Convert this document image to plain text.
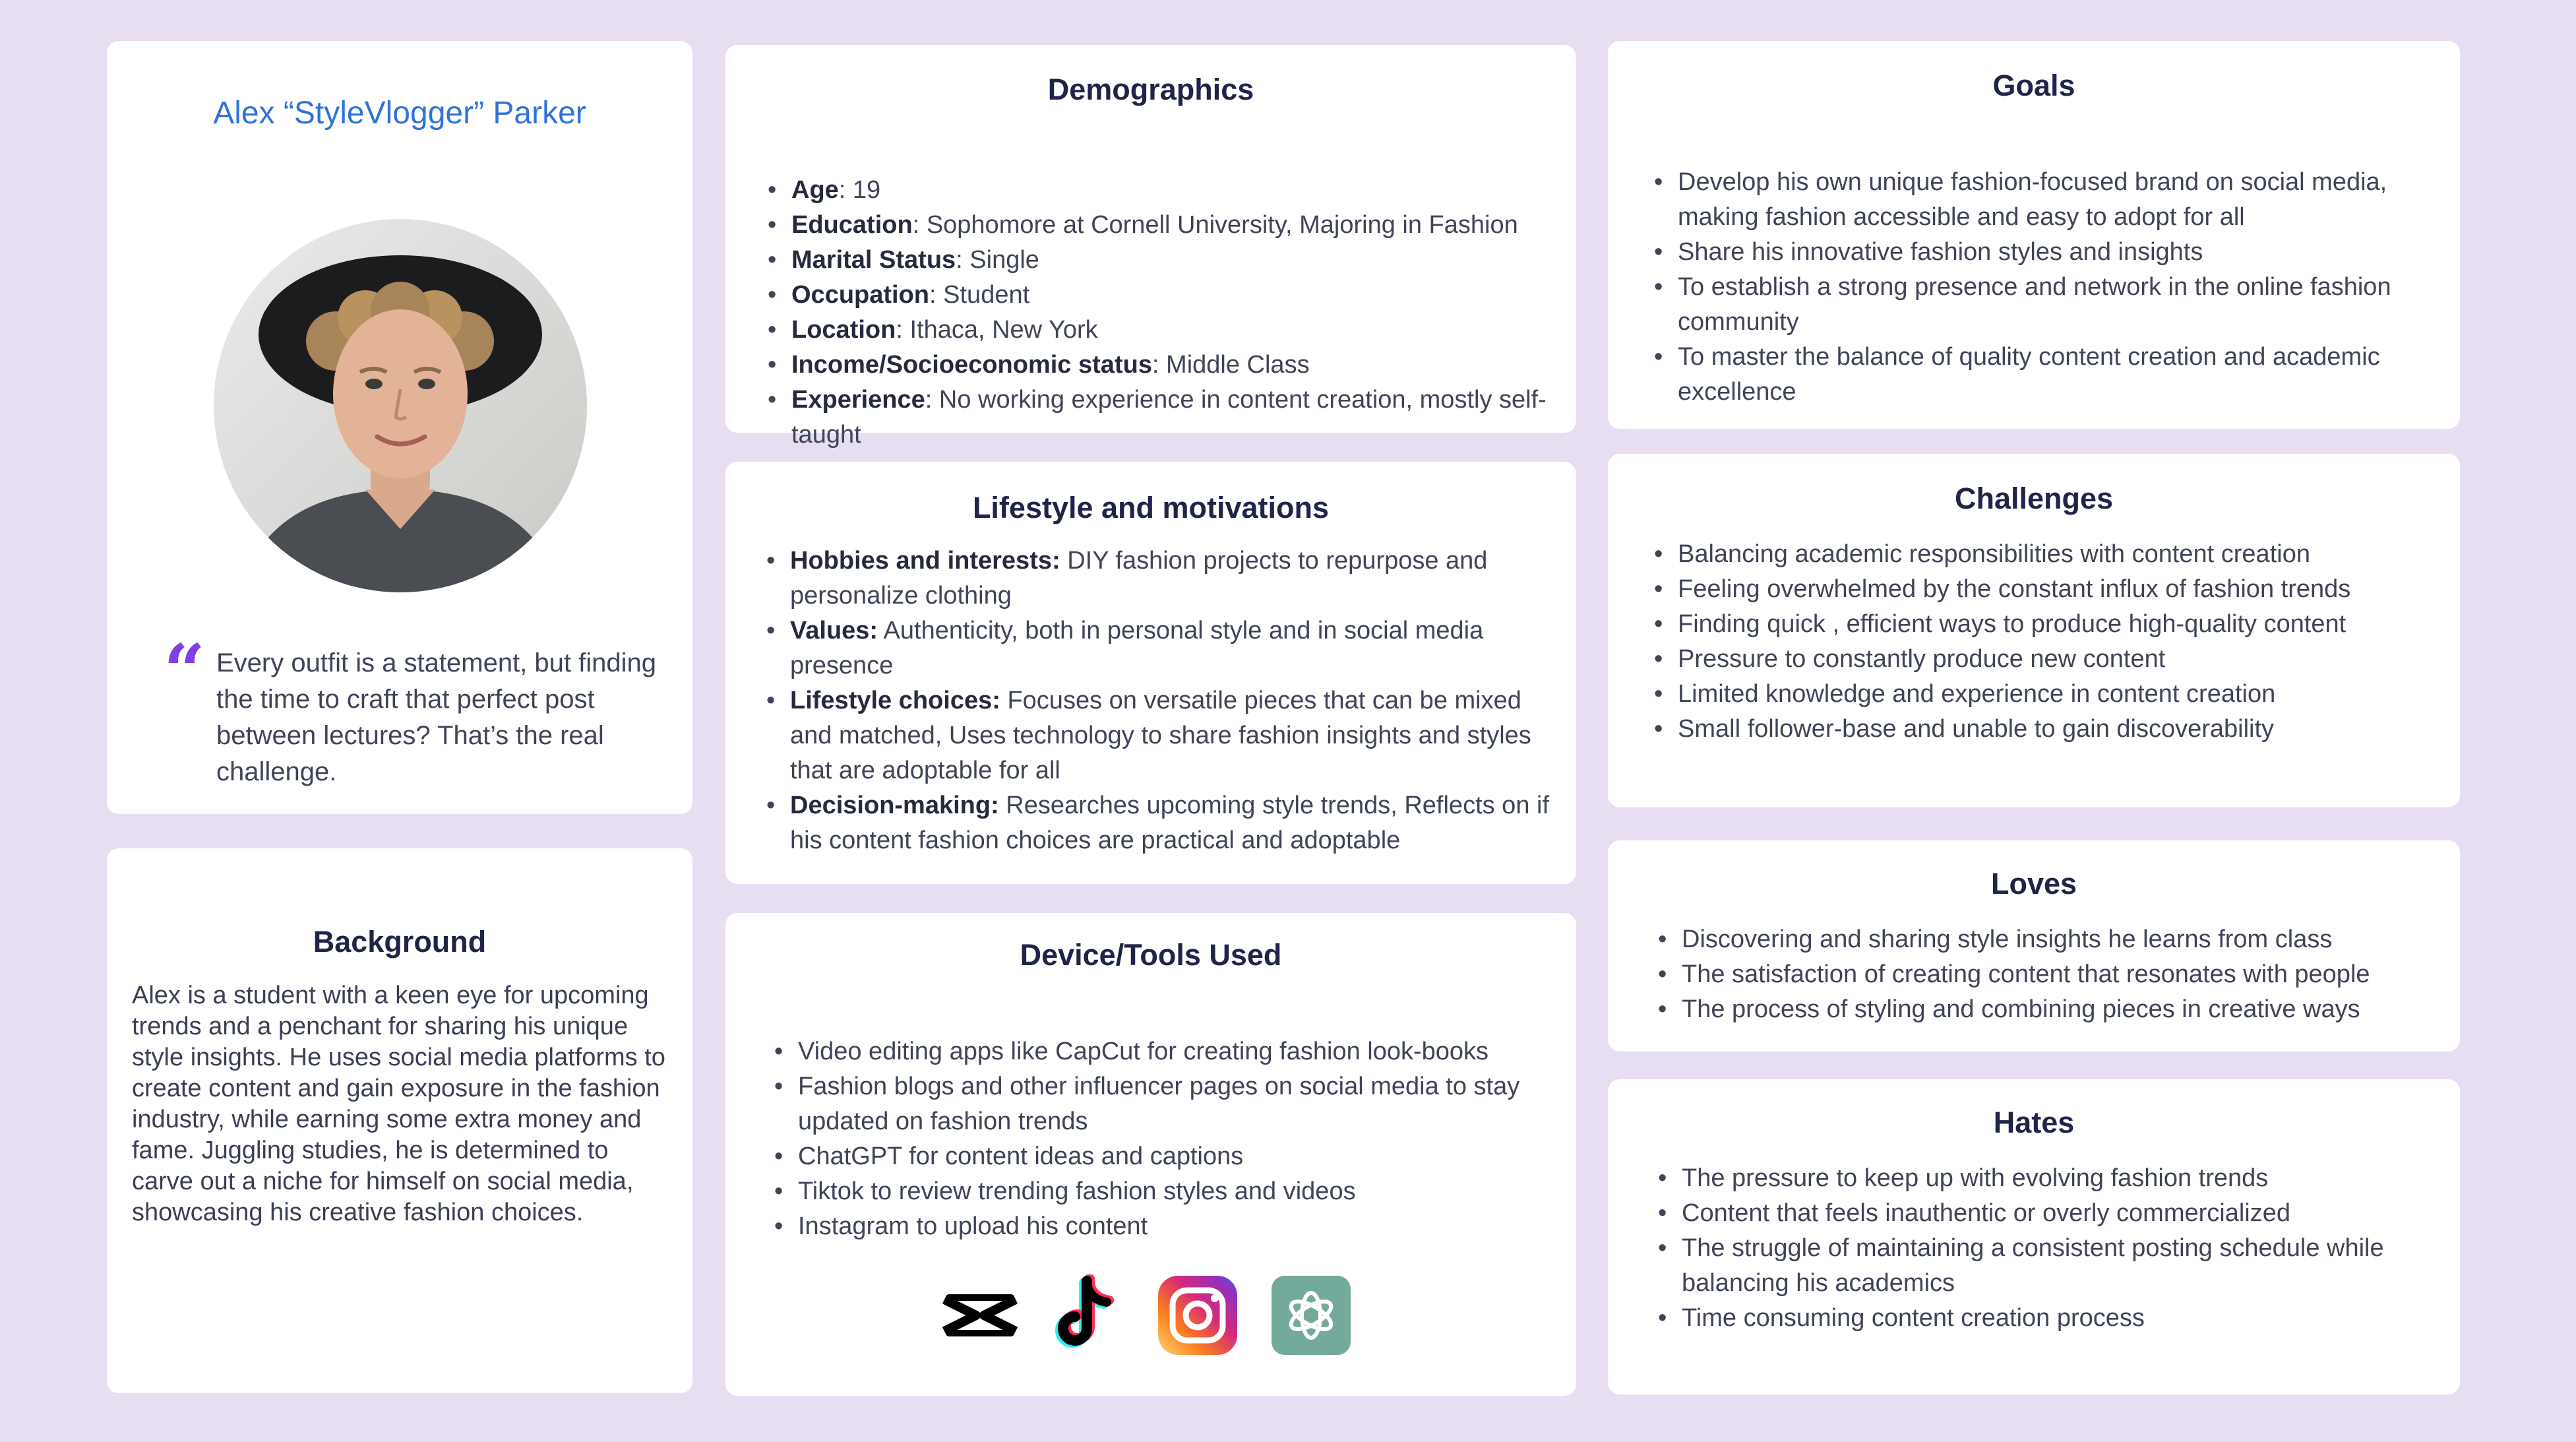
Alex “StyleVlogger” Parker
“ Every outfit is a statement, but finding the time to craft that perfect post between lectures? That’s the real challenge.
Background
Alex is a student with a keen eye for upcoming trends and a penchant for sharing his unique style insights. He uses social media platforms to create content and gain exposure in the fashion industry, while earning some extra money and fame. Juggling studies, he is determined to carve out a niche for himself on social media, showcasing his creative fashion choices.
Demographics
• Age: 19
• Education: Sophomore at Cornell University, Majoring in Fashion
• Marital Status: Single
• Occupation: Student
• Location: Ithaca, New York
• Income/Socioeconomic status: Middle Class
• Experience: No working experience in content creation, mostly self-taught
Lifestyle and motivations
• Hobbies and interests: DIY fashion projects to repurpose and personalize clothing
• Values: Authenticity, both in personal style and in social media presence
• Lifestyle choices: Focuses on versatile pieces that can be mixed and matched, Uses technology to share fashion insights and styles that are adoptable for all
• Decision-making: Researches upcoming style trends, Reflects on if his content fashion choices are practical and adoptable
Device/Tools Used
• Video editing apps like CapCut for creating fashion look-books
• Fashion blogs and other influencer pages on social media to stay updated on fashion trends
• ChatGPT for content ideas and captions
• Tiktok to review trending fashion styles and videos
• Instagram to upload his content
Goals
• Develop his own unique fashion-focused brand on social media, making fashion accessible and easy to adopt for all
• Share his innovative fashion styles and insights
• To establish a strong presence and network in the online fashion community
• To master the balance of quality content creation and academic excellence
Challenges
• Balancing academic responsibilities with content creation
• Feeling overwhelmed by the constant influx of fashion trends
• Finding quick , efficient ways to produce high-quality content
• Pressure to constantly produce new content
• Limited knowledge and experience in content creation
• Small follower-base and unable to gain discoverability
Loves
• Discovering and sharing style insights he learns from class
• The satisfaction of creating content that resonates with people
• The process of styling and combining pieces in creative ways
Hates
• The pressure to keep up with evolving fashion trends
• Content that feels inauthentic or overly commercialized
• The struggle of maintaining a consistent posting schedule while balancing his academics
• Time consuming content creation process
